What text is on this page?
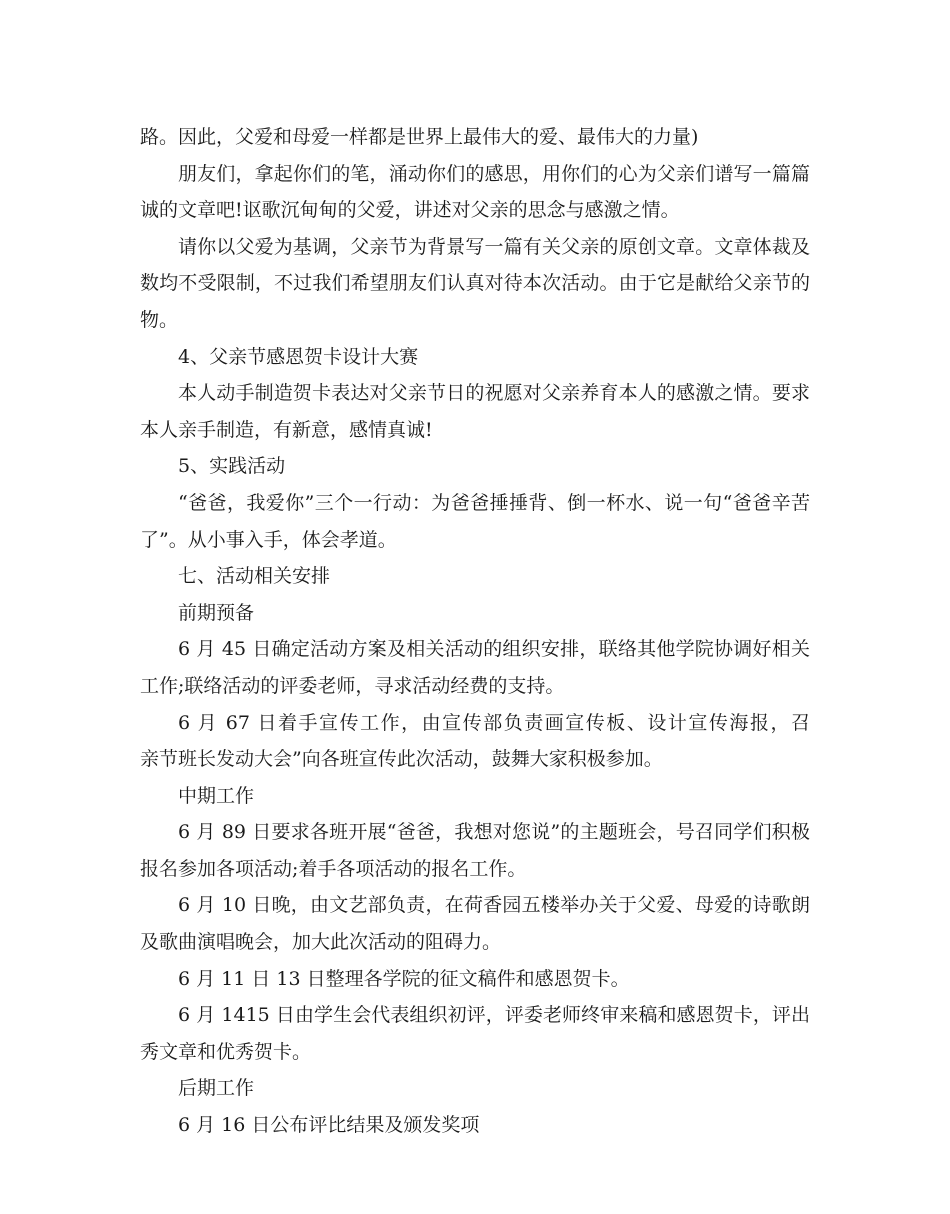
路。因此，父爱和母爱一样都是世界上最伟大的爱、最伟大的力量)
朋友们，拿起你们的笔，涌动你们的感思，用你们的心为父亲们谱写一篇篇
诚的文章吧!讴歌沉甸甸的父爱，讲述对父亲的思念与感激之情。
请你以父爱为基调，父亲节为背景写一篇有关父亲的原创文章。文章体裁及
数均不受限制，不过我们希望朋友们认真对待本次活动。由于它是献给父亲节的
物。
4、父亲节感恩贺卡设计大赛
本人动手制造贺卡表达对父亲节日的祝愿对父亲养育本人的感激之情。要求
本人亲手制造，有新意，感情真诚!
5、实践活动
“爸爸，我爱你”三个一行动：为爸爸捶捶背、倒一杯水、说一句“爸爸辛苦
了”。从小事入手，体会孝道。
七、活动相关安排
前期预备
6 月 45 日确定活动方案及相关活动的组织安排，联络其他学院协调好相关
工作;联络活动的评委老师，寻求活动经费的支持。
6 月 67 日着手宣传工作，由宣传部负责画宣传板、设计宣传海报，召
亲节班长发动大会”向各班宣传此次活动，鼓舞大家积极参加。
中期工作
6 月 89 日要求各班开展“爸爸，我想对您说”的主题班会，号召同学们积极
报名参加各项活动;着手各项活动的报名工作。
6 月 10 日晚，由文艺部负责，在荷香园五楼举办关于父爱、母爱的诗歌朗
及歌曲演唱晚会，加大此次活动的阻碍力。
6 月 11 日 13 日整理各学院的征文稿件和感恩贺卡。
6 月 1415 日由学生会代表组织初评，评委老师终审来稿和感恩贺卡，评出
秀文章和优秀贺卡。
后期工作
6 月 16 日公布评比结果及颁发奖项
